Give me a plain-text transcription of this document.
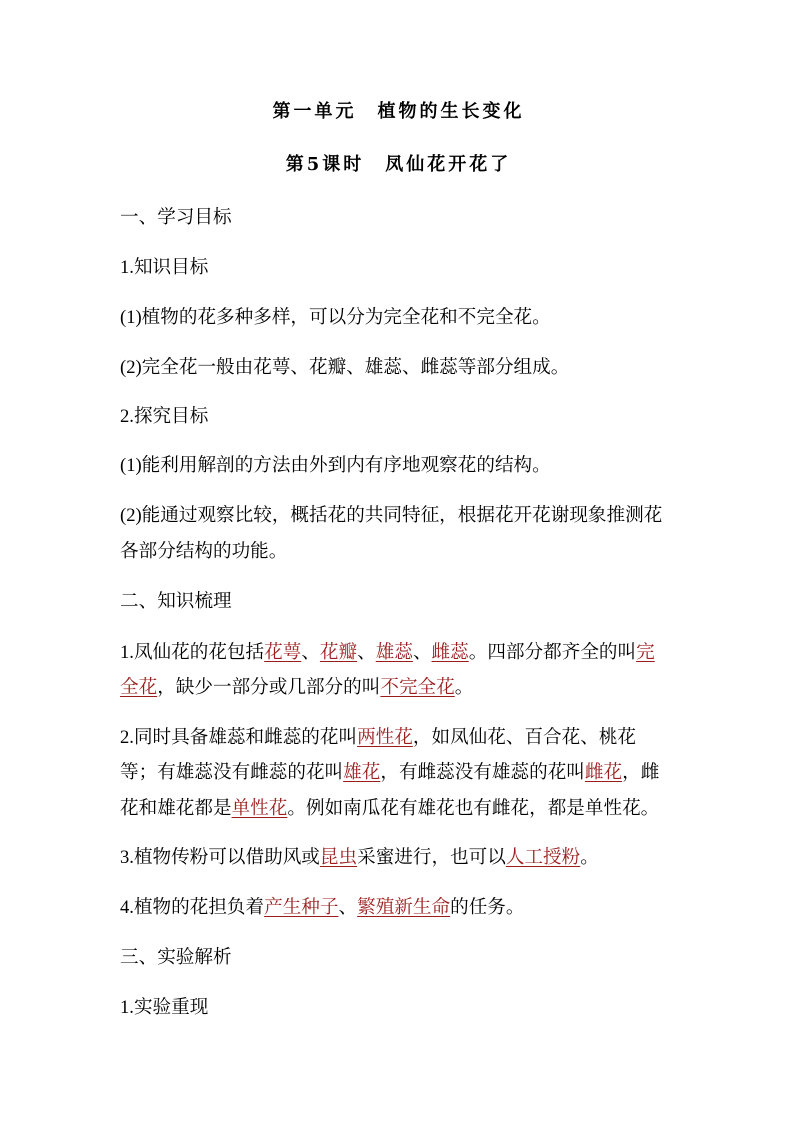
第一单元　植物的生长变化
第5课时　凤仙花开花了
一、学习目标
1.知识目标
(1)植物的花多种多样，可以分为完全花和不完全花。
(2)完全花一般由花萼、花瓣、雄蕊、雌蕊等部分组成。
2.探究目标
(1)能利用解剖的方法由外到内有序地观察花的结构。
(2)能通过观察比较，概括花的共同特征，根据花开花谢现象推测花
各部分结构的功能。
二、知识梳理
1.凤仙花的花包括花萼、花瓣、雄蕊、雌蕊。四部分都齐全的叫完
全花，缺少一部分或几部分的叫不完全花。
2.同时具备雄蕊和雌蕊的花叫两性花，如凤仙花、百合花、桃花
等；有雄蕊没有雌蕊的花叫雄花，有雌蕊没有雄蕊的花叫雌花，雌
花和雄花都是单性花。例如南瓜花有雄花也有雌花，都是单性花。
3.植物传粉可以借助风或昆虫采蜜进行，也可以人工授粉。
4.植物的花担负着产生种子、繁殖新生命的任务。
三、实验解析
1.实验重现
